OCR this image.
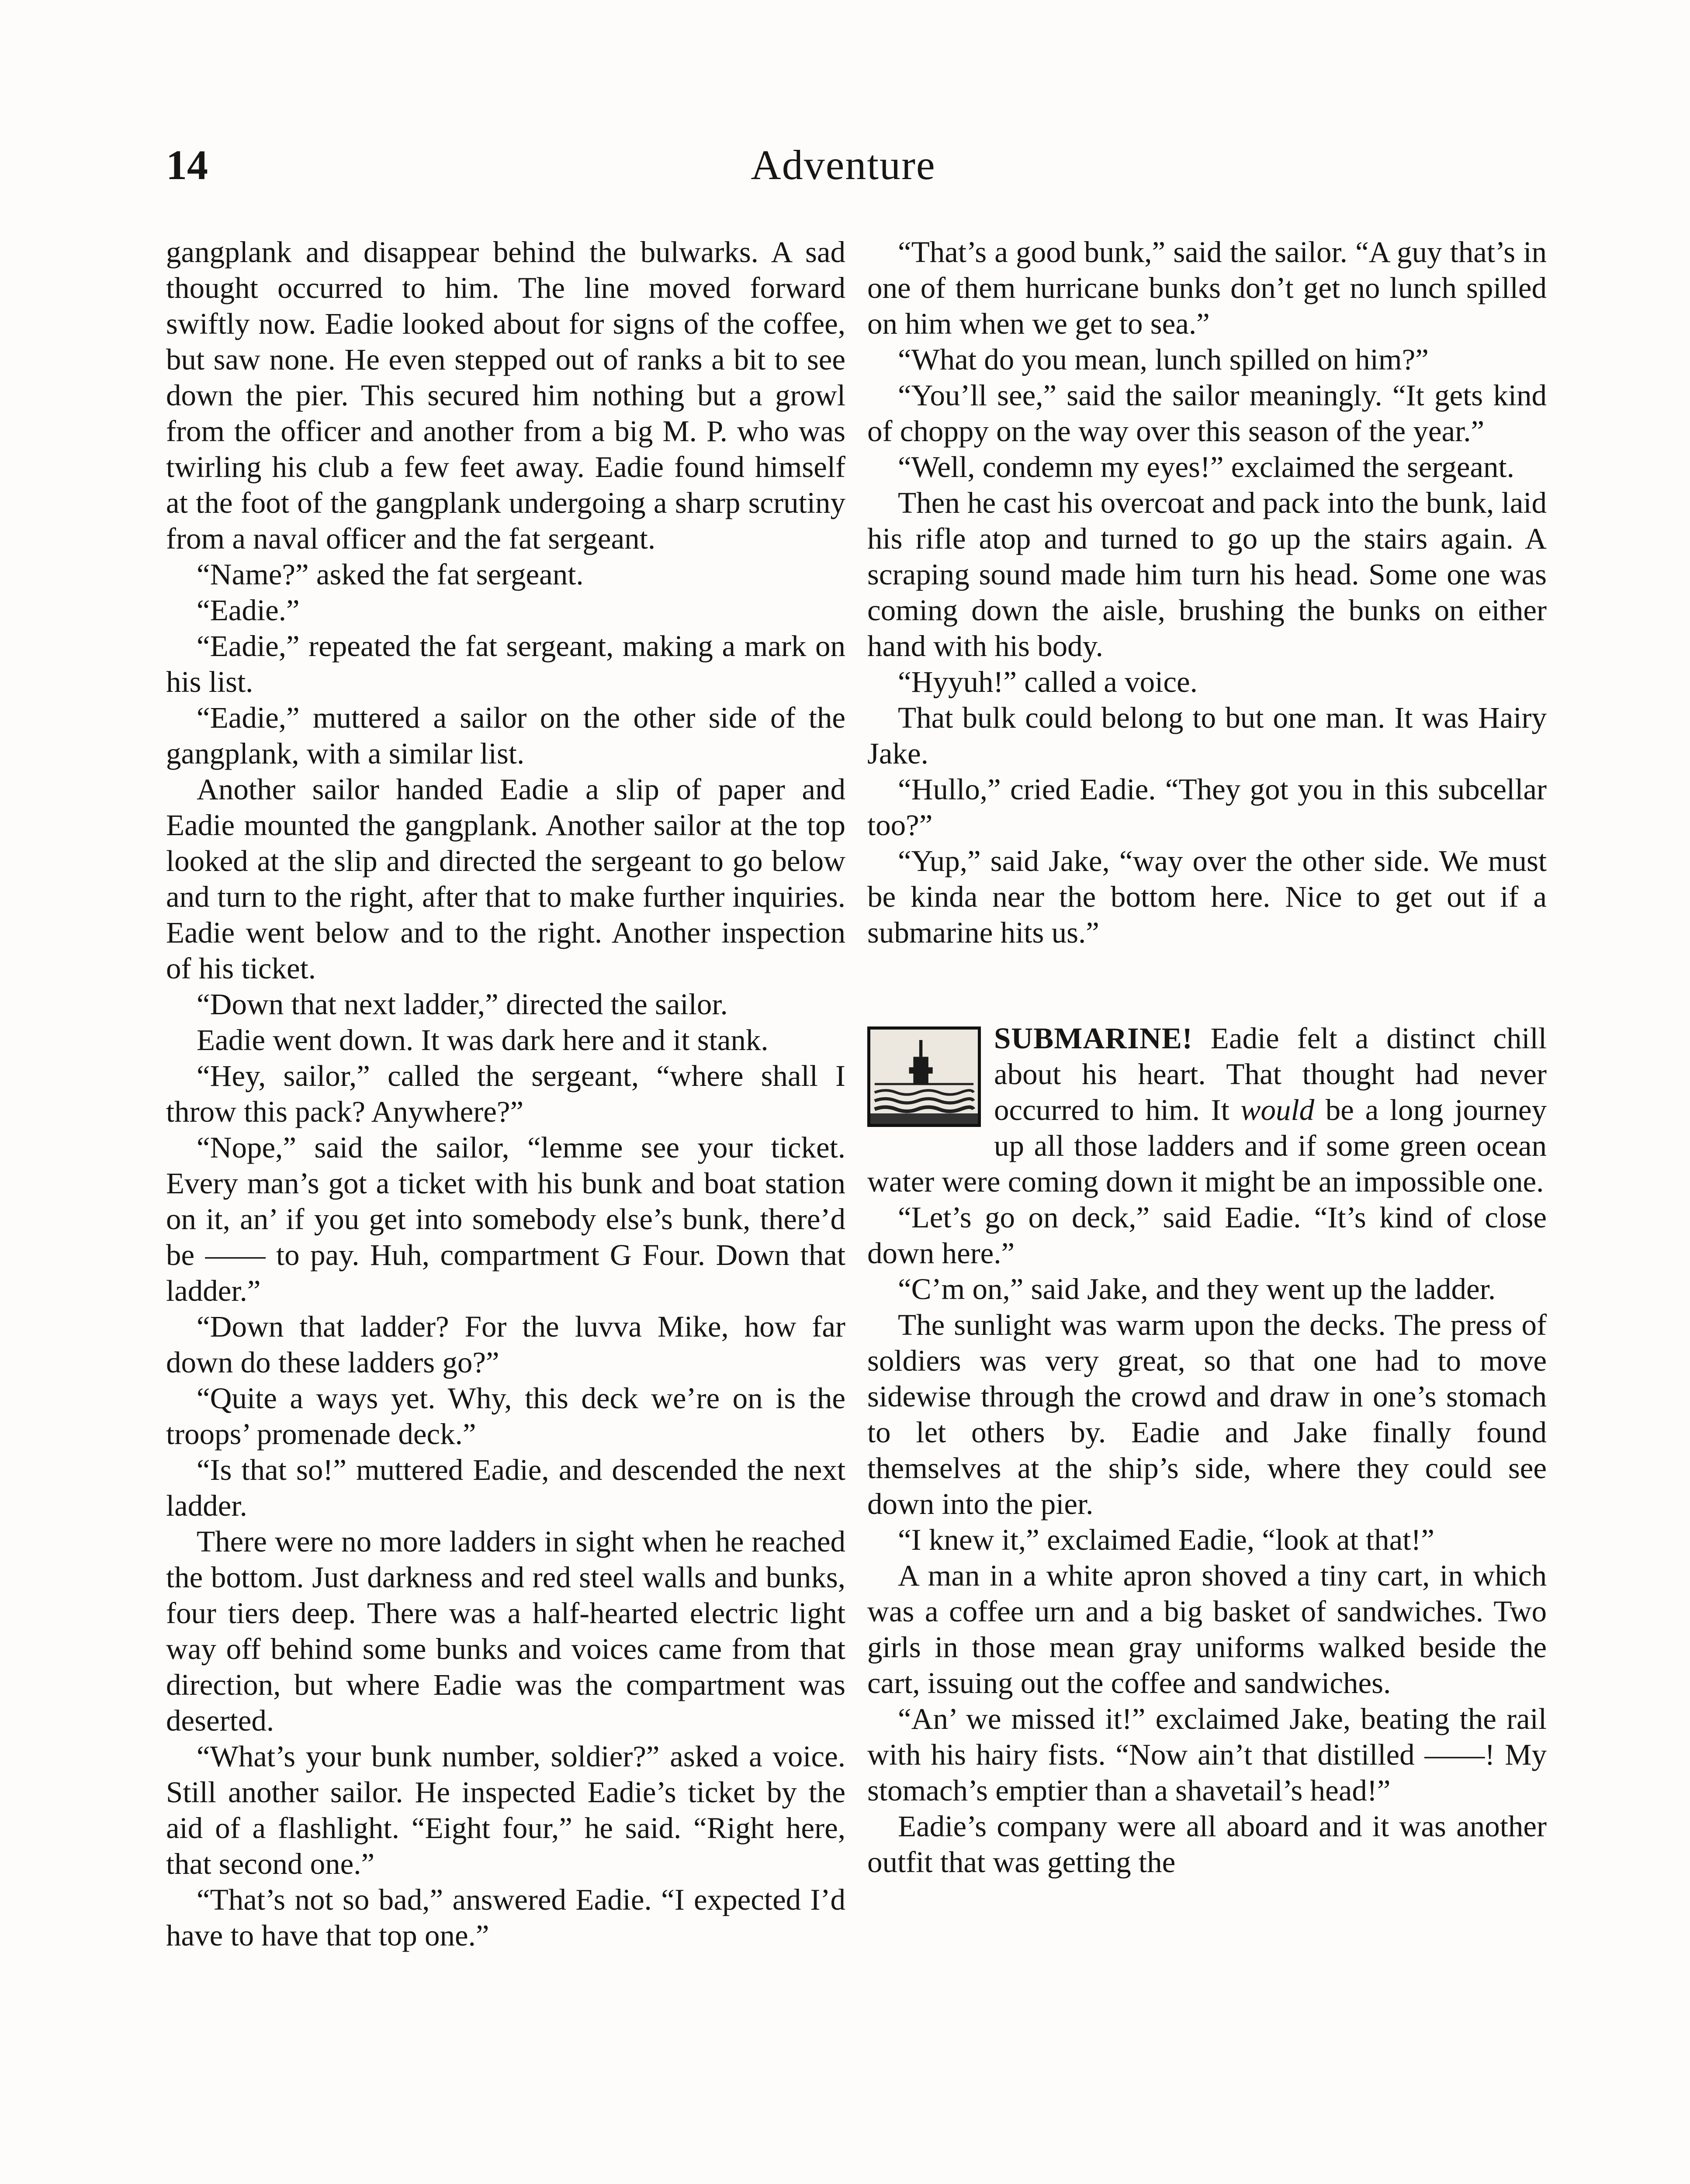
Adventure
14

gangplank and disappear behind the bulwarks. A sad thought occurred to him. The line moved forward swiftly now. Eadie looked about for signs of the coffee, but saw none. He even stepped out of ranks a bit to see down the pier. This secured him nothing but a growl from the officer and another from a big M. P. who was twirling his club a few feet away. Eadie found himself at the foot of the gangplank undergoing a sharp scrutiny from a naval officer and the fat sergeant.

“Name?” asked the fat sergeant.

“Eadie.”

“Eadie,” repeated the fat sergeant, making a mark on his list.

“Eadie,” muttered a sailor on the other side of the gangplank, with a similar list.

Another sailor handed Eadie a slip of paper and Eadie mounted the gangplank. Another sailor at the top looked at the slip and directed the sergeant to go below and turn to the right, after that to make further inquiries. Eadie went below and to the right. Another inspection of his ticket.

“Down that next ladder,” directed the sailor.

Eadie went down. It was dark here and it stank.

“Hey, sailor,” called the sergeant, “where shall I throw this pack? Anywhere?”

“Nope,” said the sailor, “lemme see your ticket. Every man’s got a ticket with his bunk and boat station on it, an’ if you get into somebody else’s bunk, there’d be —— to pay. Huh, compartment G Four. Down that ladder.”

“Down that ladder? For the luvva Mike, how far down do these ladders go?”

“Quite a ways yet. Why, this deck we’re on is the troops’ promenade deck.”

“Is that so!” muttered Eadie, and descended the next ladder.

There were no more ladders in sight when he reached the bottom. Just darkness and red steel walls and bunks, four tiers deep. There was a half-hearted electric light way off behind some bunks and voices came from that direction, but where Eadie was the compartment was deserted.

“What’s your bunk number, soldier?” asked a voice. Still another sailor. He inspected Eadie’s ticket by the aid of a flashlight. “Eight four,” he said. “Right here, that second one.”

“That’s not so bad,” answered Eadie. “I expected I’d have to have that top one.”

“That’s a good bunk,” said the sailor. “A guy that’s in one of them hurricane bunks don’t get no lunch spilled on him when we get to sea.”

“What do you mean, lunch spilled on him?”

“You’ll see,” said the sailor meaningly. “It gets kind of choppy on the way over this season of the year.”

“Well, condemn my eyes!” exclaimed the sergeant.

Then he cast his overcoat and pack into the bunk, laid his rifle atop and turned to go up the stairs again. A scraping sound made him turn his head. Some one was coming down the aisle, brushing the bunks on either hand with his body.

“Hyyuh!” called a voice.

That bulk could belong to but one man. It was Hairy Jake.

“Hullo,” cried Eadie. “They got you in this subcellar too?”

“Yup,” said Jake, “way over the other side. We must be kinda near the bottom here. Nice to get out if a submarine hits us.”

SUBMARINE! Eadie felt a distinct chill about his heart. That thought had never occurred to him. It would be a long journey up all those ladders and if some green ocean water were coming down it might be an impossible one.

“Let’s go on deck,” said Eadie. “It’s kind of close down here.”

“C’m on,” said Jake, and they went up the ladder.

The sunlight was warm upon the decks. The press of soldiers was very great, so that one had to move sidewise through the crowd and draw in one’s stomach to let others by. Eadie and Jake finally found themselves at the ship’s side, where they could see down into the pier.

“I knew it,” exclaimed Eadie, “look at that!”

A man in a white apron shoved a tiny cart, in which was a coffee urn and a big basket of sandwiches. Two girls in those mean gray uniforms walked beside the cart, issuing out the coffee and sandwiches.

“An’ we missed it!” exclaimed Jake, beating the rail with his hairy fists. “Now ain’t that distilled ——! My stomach’s emptier than a shavetail’s head!”

Eadie’s company were all aboard and it was another outfit that was getting the
